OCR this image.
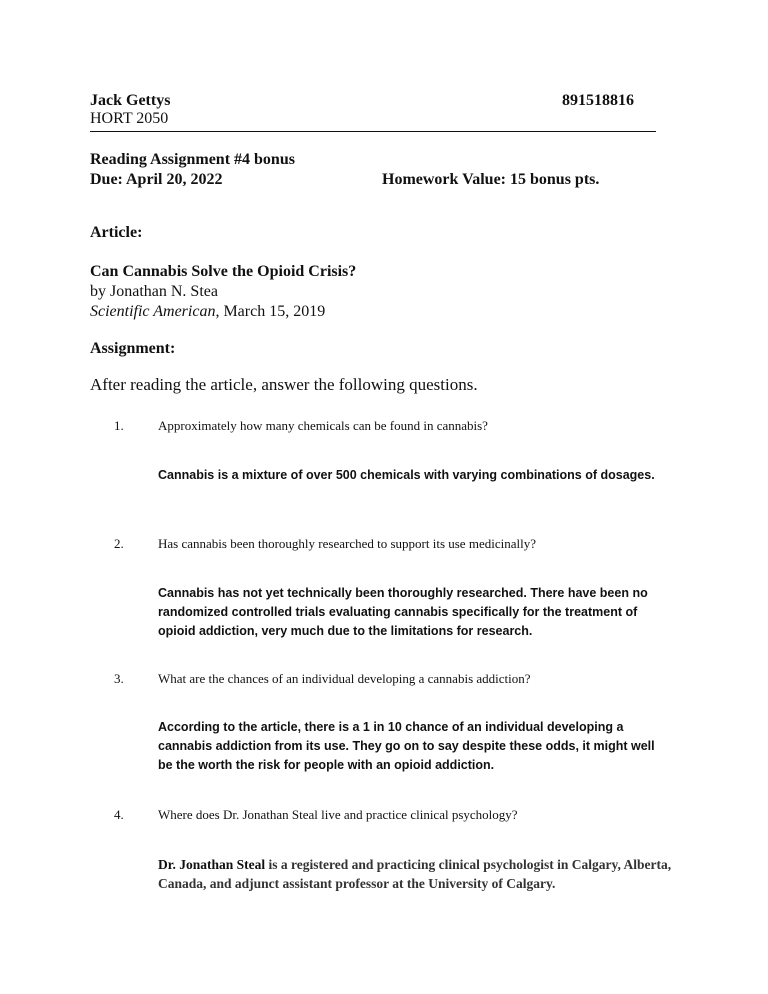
Jack Gettys
HORT 2050
891518816
Reading Assignment #4 bonus
Due: April 20, 2022	Homework Value: 15 bonus pts.
Article:
Can Cannabis Solve the Opioid Crisis?
by Jonathan N. Stea
Scientific American, March 15, 2019
Assignment:
After reading the article, answer the following questions.
1.	Approximately how many chemicals can be found in cannabis?
Cannabis is a mixture of over 500 chemicals with varying combinations of dosages.
2.	Has cannabis been thoroughly researched to support its use medicinally?
Cannabis has not yet technically been thoroughly researched. There have been no randomized controlled trials evaluating cannabis specifically for the treatment of opioid addiction, very much due to the limitations for research.
3.	What are the chances of an individual developing a cannabis addiction?
According to the article, there is a 1 in 10 chance of an individual developing a cannabis addiction from its use. They go on to say despite these odds, it might well be the worth the risk for people with an opioid addiction.
4.	Where does Dr. Jonathan Steal live and practice clinical psychology?
Dr. Jonathan Steal is a registered and practicing clinical psychologist in Calgary, Alberta, Canada, and adjunct assistant professor at the University of Calgary.
